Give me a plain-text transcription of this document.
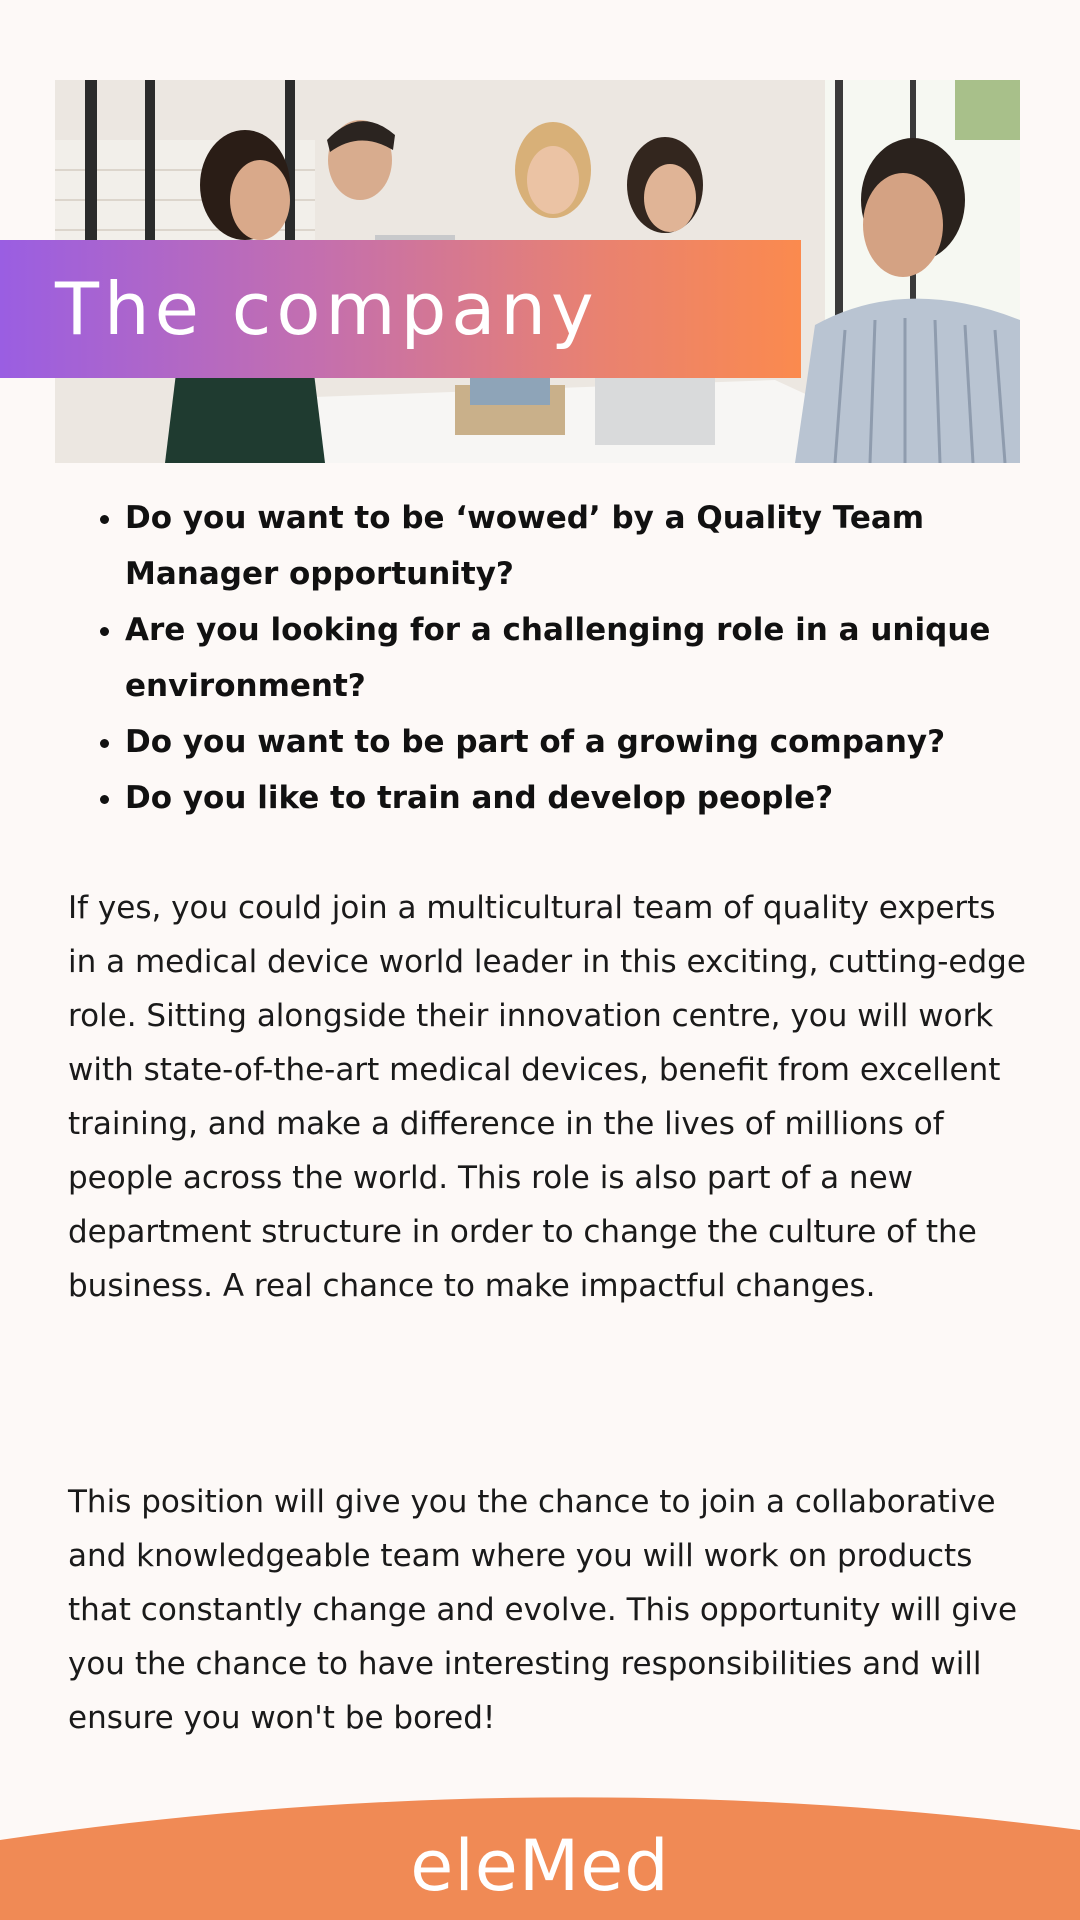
The company
• Do you want to be ‘wowed’ by a Quality Team Manager opportunity?
• Are you looking for a challenging role in a unique environment?
• Do you want to be part of a growing company?
• Do you like to train and develop people?

If yes, you could join a multicultural team of quality experts in a medical device world leader in this exciting, cutting-edge role. Sitting alongside their innovation centre, you will work with state-of-the-art medical devices, benefit from excellent training, and make a difference in the lives of millions of people across the world. This role is also part of a new department structure in order to change the culture of the business. A real chance to make impactful changes.

This position will give you the chance to join a collaborative and knowledgeable team where you will work on products that constantly change and evolve. This opportunity will give you the chance to have interesting responsibilities and will ensure you won't be bored!

eleMed
